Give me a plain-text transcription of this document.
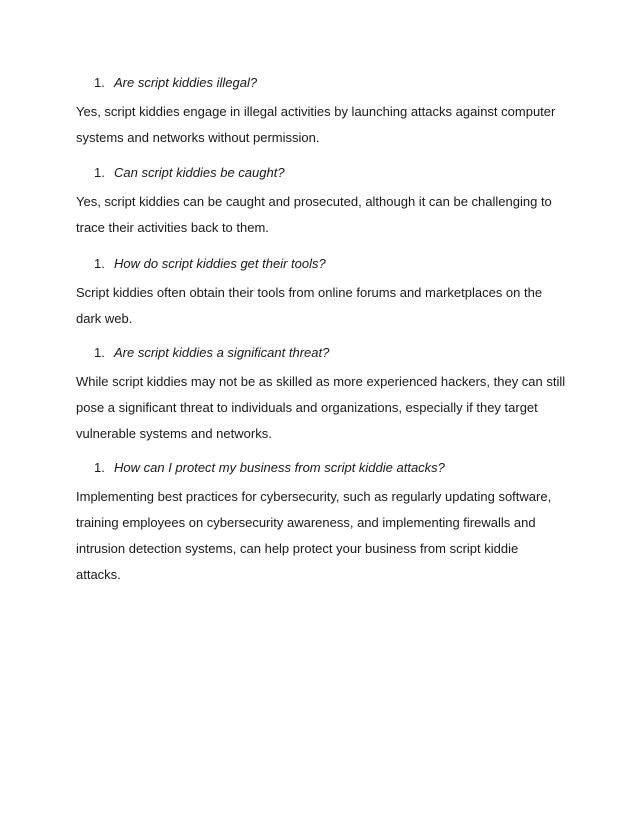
1. Are script kiddies illegal?

Yes, script kiddies engage in illegal activities by launching attacks against computer systems and networks without permission.

1. Can script kiddies be caught?

Yes, script kiddies can be caught and prosecuted, although it can be challenging to trace their activities back to them.

1. How do script kiddies get their tools?

Script kiddies often obtain their tools from online forums and marketplaces on the dark web.

1. Are script kiddies a significant threat?

While script kiddies may not be as skilled as more experienced hackers, they can still pose a significant threat to individuals and organizations, especially if they target vulnerable systems and networks.

1. How can I protect my business from script kiddie attacks?

Implementing best practices for cybersecurity, such as regularly updating software, training employees on cybersecurity awareness, and implementing firewalls and intrusion detection systems, can help protect your business from script kiddie attacks.
